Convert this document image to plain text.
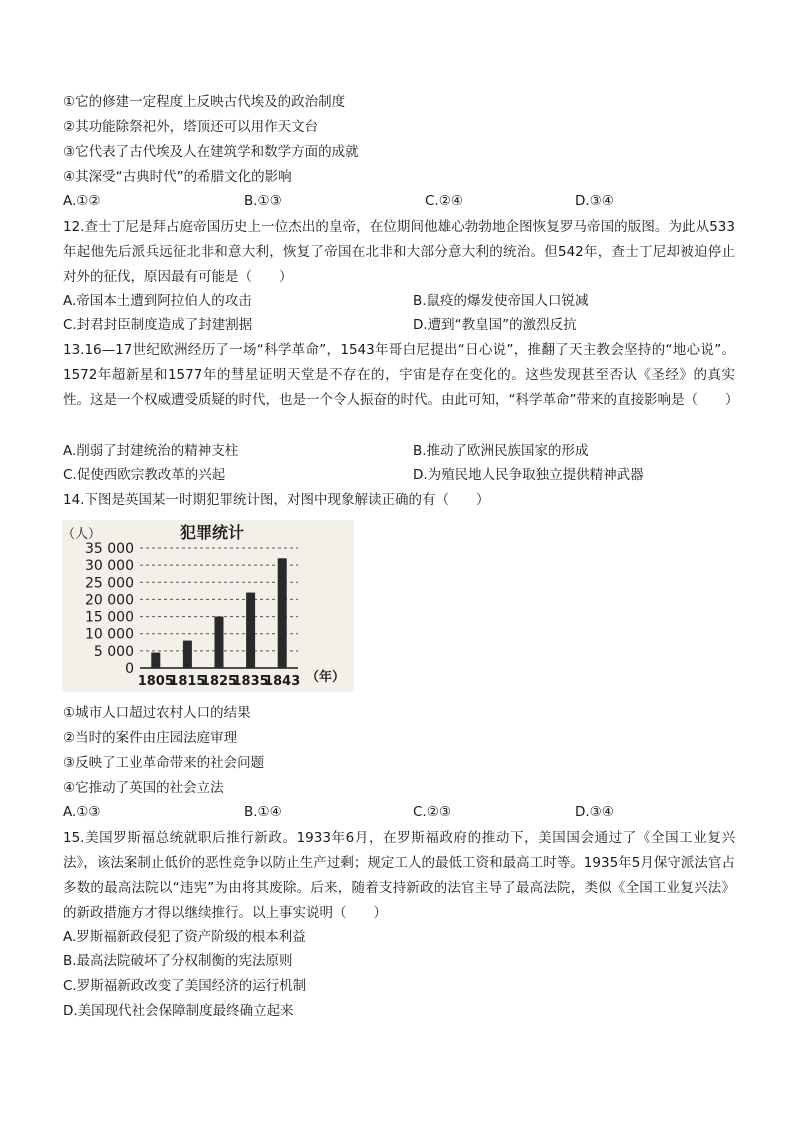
①它的修建一定程度上反映古代埃及的政治制度
②其功能除祭祀外，塔顶还可以用作天文台
③它代表了古代埃及人在建筑学和数学方面的成就
④其深受“古典时代”的希腊文化的影响
A.①②	B.①③	C.②④	D.③④
12.查士丁尼是拜占庭帝国历史上一位杰出的皇帝，在位期间他雄心勃勃地企图恢复罗马帝国的版图。为此从533年起他先后派兵远征北非和意大利，恢复了帝国在北非和大部分意大利的统治。但542年，查士丁尼却被迫停止对外的征伐，原因最有可能是（　　）
A.帝国本土遭到阿拉伯人的攻击	B.鼠疫的爆发使帝国人口锐减
C.封君封臣制度造成了封建割据	D.遭到“教皇国”的激烈反抗
13.16—17世纪欧洲经历了一场“科学革命”，1543年哥白尼提出“日心说”，推翻了天主教会坚持的“地心说”。1572年超新星和1577年的彗星证明天堂是不存在的，宇宙是存在变化的。这些发现甚至否认《圣经》的真实性。这是一个权威遭受质疑的时代，也是一个令人振奋的时代。由此可知，“科学革命”带来的直接影响是（　　）
A.削弱了封建统治的精神支柱	B.推动了欧洲民族国家的形成
C.促使西欧宗教改革的兴起	D.为殖民地人民争取独立提供精神武器
14.下图是英国某一时期犯罪统计图，对图中现象解读正确的有（　　）
犯罪统计
（人）
（年）
0
5 000
10 000
15 000
20 000
25 000
30 000
35 000
1805
1815
1825
1835
1843
①城市人口超过农村人口的结果
②当时的案件由庄园法庭审理
③反映了工业革命带来的社会问题
④它推动了英国的社会立法
A.①③	B.①④	C.②③	D.③④
15.美国罗斯福总统就职后推行新政。1933年6月，在罗斯福政府的推动下，美国国会通过了《全国工业复兴法》，该法案制止低价的恶性竞争以防止生产过剩；规定工人的最低工资和最高工时等。1935年5月保守派法官占多数的最高法院以“违宪”为由将其废除。后来，随着支持新政的法官主导了最高法院，类似《全国工业复兴法》的新政措施方才得以继续推行。以上事实说明（　　）
A.罗斯福新政侵犯了资产阶级的根本利益
B.最高法院破坏了分权制衡的宪法原则
C.罗斯福新政改变了美国经济的运行机制
D.美国现代社会保障制度最终确立起来
